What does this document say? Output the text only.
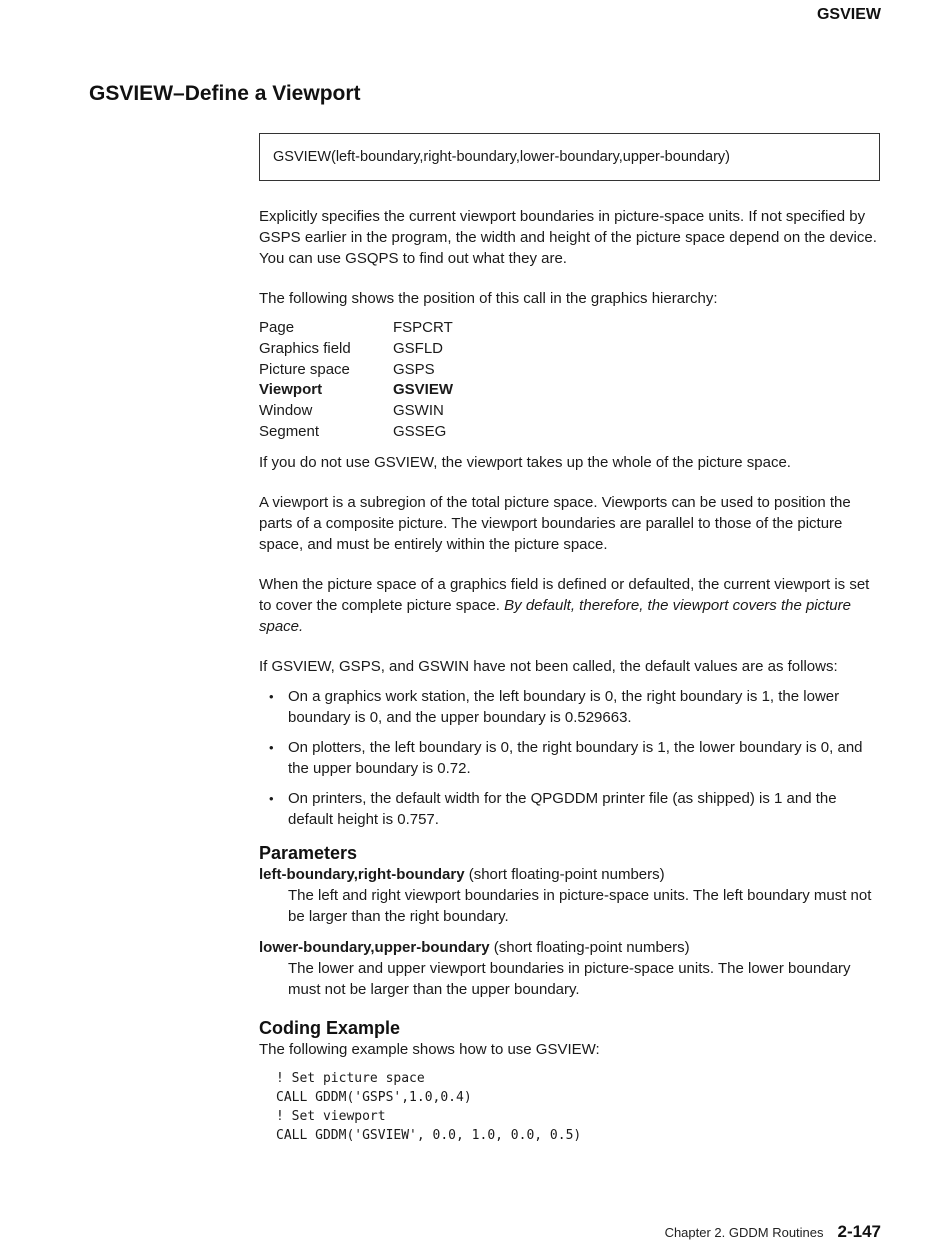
GSVIEW
GSVIEW–Define a Viewport
GSVIEW(left-boundary,right-boundary,lower-boundary,upper-boundary)

Explicitly specifies the current viewport boundaries in picture-space units. If not specified by GSPS earlier in the program, the width and height of the picture space depend on the device. You can use GSQPS to find out what they are.

The following shows the position of this call in the graphics hierarchy:

Page	FSPCRT
Graphics field	GSFLD
Picture space	GSPS
Viewport	GSVIEW
Window	GSWIN
Segment	GSSEG

If you do not use GSVIEW, the viewport takes up the whole of the picture space.

A viewport is a subregion of the total picture space. Viewports can be used to position the parts of a composite picture. The viewport boundaries are parallel to those of the picture space, and must be entirely within the picture space.

When the picture space of a graphics field is defined or defaulted, the current viewport is set to cover the complete picture space. By default, therefore, the viewport covers the picture space.

If GSVIEW, GSPS, and GSWIN have not been called, the default values are as follows:

• On a graphics work station, the left boundary is 0, the right boundary is 1, the lower boundary is 0, and the upper boundary is 0.529663.
• On plotters, the left boundary is 0, the right boundary is 1, the lower boundary is 0, and the upper boundary is 0.72.
• On printers, the default width for the QPGDDM printer file (as shipped) is 1 and the default height is 0.757.
Parameters
left-boundary,right-boundary (short floating-point numbers)
The left and right viewport boundaries in picture-space units. The left boundary must not be larger than the right boundary.
lower-boundary,upper-boundary (short floating-point numbers)
The lower and upper viewport boundaries in picture-space units. The lower boundary must not be larger than the upper boundary.
Coding Example

The following example shows how to use GSVIEW:

! Set picture space
CALL GDDM('GSPS',1.0,0.4)
! Set viewport
CALL GDDM('GSVIEW', 0.0, 1.0, 0.0, 0.5)
Chapter 2. GDDM Routines 2-147
